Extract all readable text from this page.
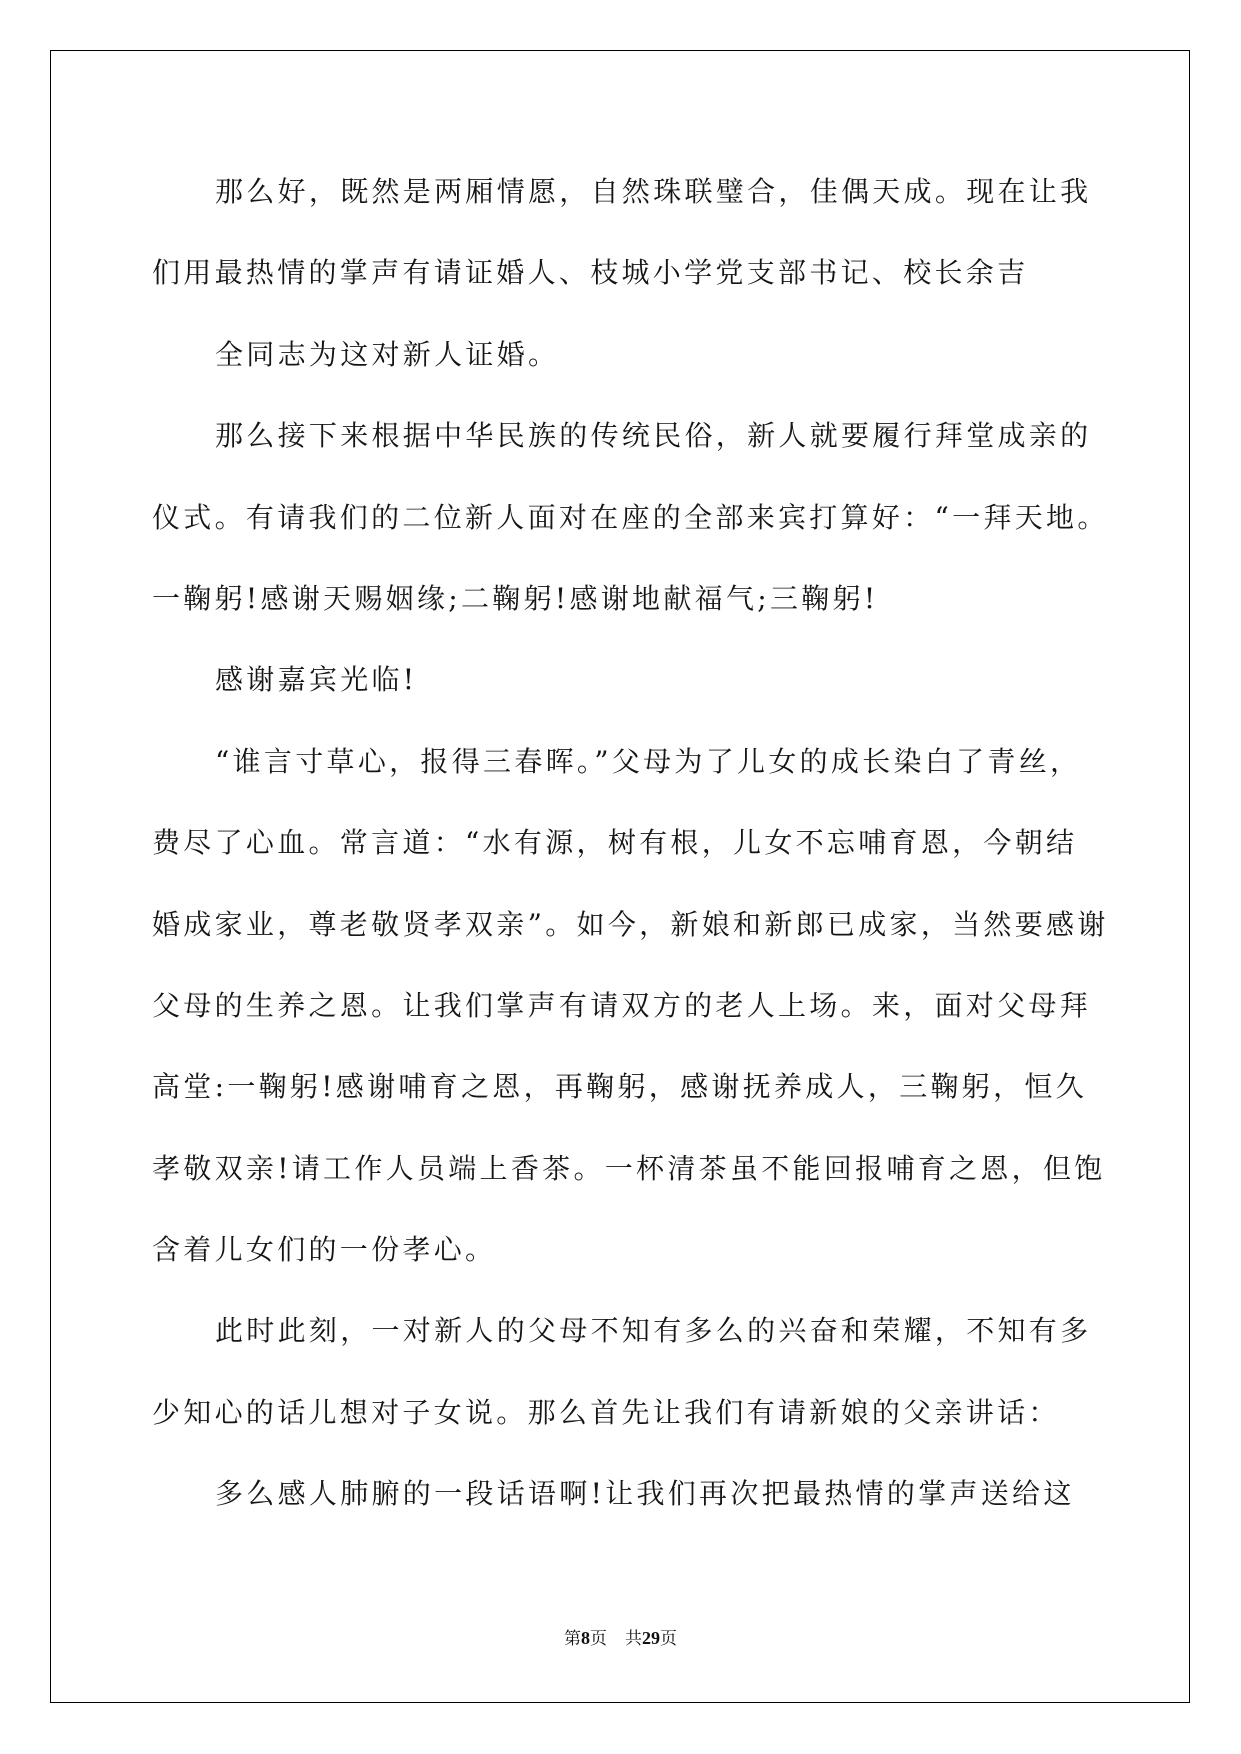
那么好，既然是两厢情愿，自然珠联璧合，佳偶天成。现在让我
们用最热情的掌声有请证婚人、枝城小学党支部书记、校长余吉
全同志为这对新人证婚。
那么接下来根据中华民族的传统民俗，新人就要履行拜堂成亲的
仪式。有请我们的二位新人面对在座的全部来宾打算好：“一拜天地。
一鞠躬!感谢天赐姻缘;二鞠躬!感谢地献福气;三鞠躬!
感谢嘉宾光临!
“谁言寸草心，报得三春晖。”父母为了儿女的成长染白了青丝，
费尽了心血。常言道：“水有源，树有根，儿女不忘哺育恩，今朝结
婚成家业，尊老敬贤孝双亲”。如今，新娘和新郎已成家，当然要感谢
父母的生养之恩。让我们掌声有请双方的老人上场。来，面对父母拜
高堂:一鞠躬!感谢哺育之恩，再鞠躬，感谢抚养成人，三鞠躬，恒久
孝敬双亲!请工作人员端上香茶。一杯清茶虽不能回报哺育之恩，但饱
含着儿女们的一份孝心。
此时此刻，一对新人的父母不知有多么的兴奋和荣耀，不知有多
少知心的话儿想对子女说。那么首先让我们有请新娘的父亲讲话：
多么感人肺腑的一段话语啊!让我们再次把最热情的掌声送给这
第8页 共29页
